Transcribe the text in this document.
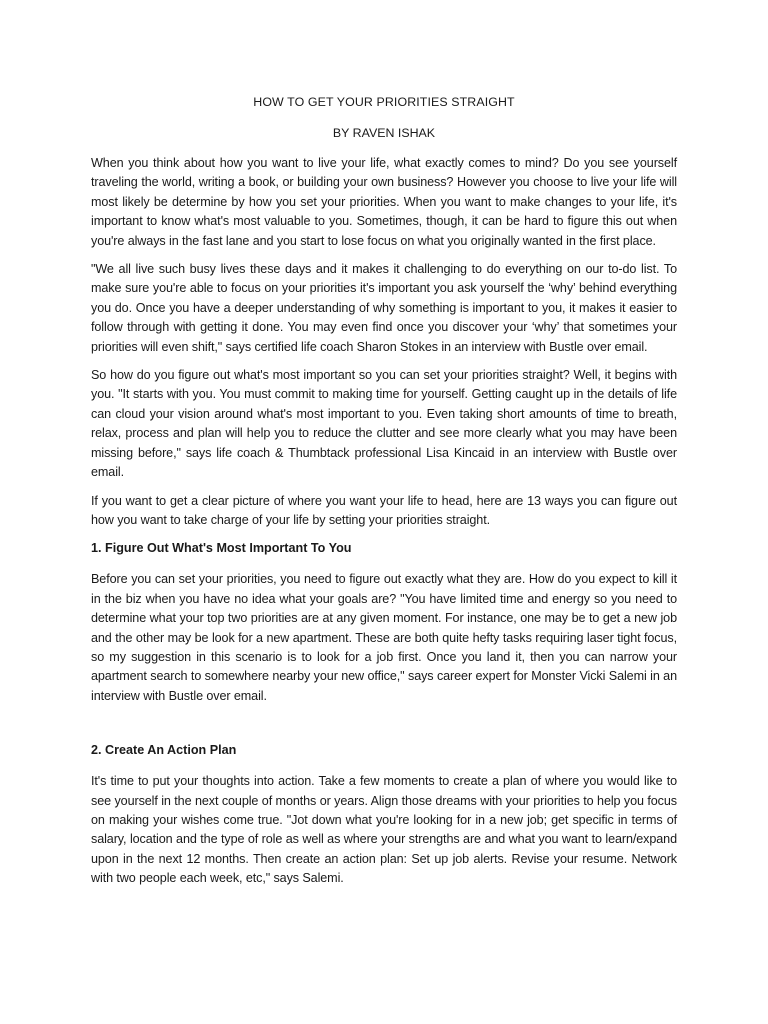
HOW TO GET YOUR PRIORITIES STRAIGHT
BY RAVEN ISHAK

When you think about how you want to live your life, what exactly comes to mind? Do you see yourself traveling the world, writing a book, or building your own business? However you choose to live your life will most likely be determine by how you set your priorities. When you want to make changes to your life, it's important to know what's most valuable to you. Sometimes, though, it can be hard to figure this out when you're always in the fast lane and you start to lose focus on what you originally wanted in the first place.

"We all live such busy lives these days and it makes it challenging to do everything on our to-do list. To make sure you're able to focus on your priorities it's important you ask yourself the ‘why’ behind everything you do. Once you have a deeper understanding of why something is important to you, it makes it easier to follow through with getting it done. You may even find once you discover your ‘why’ that sometimes your priorities will even shift," says certified life coach Sharon Stokes in an interview with Bustle over email.

So how do you figure out what's most important so you can set your priorities straight? Well, it begins with you. "It starts with you. You must commit to making time for yourself. Getting caught up in the details of life can cloud your vision around what's most important to you. Even taking short amounts of time to breath, relax, process and plan will help you to reduce the clutter and see more clearly what you may have been missing before," says life coach & Thumbtack professional Lisa Kincaid in an interview with Bustle over email.

If you want to get a clear picture of where you want your life to head, here are 13 ways you can figure out how you want to take charge of your life by setting your priorities straight.

1. Figure Out What's Most Important To You

Before you can set your priorities, you need to figure out exactly what they are. How do you expect to kill it in the biz when you have no idea what your goals are? "You have limited time and energy so you need to determine what your top two priorities are at any given moment. For instance, one may be to get a new job and the other may be look for a new apartment. These are both quite hefty tasks requiring laser tight focus, so my suggestion in this scenario is to look for a job first. Once you land it, then you can narrow your apartment search to somewhere nearby your new office," says career expert for Monster Vicki Salemi in an interview with Bustle over email.

2. Create An Action Plan

It's time to put your thoughts into action. Take a few moments to create a plan of where you would like to see yourself in the next couple of months or years. Align those dreams with your priorities to help you focus on making your wishes come true. "Jot down what you're looking for in a new job; get specific in terms of salary, location and the type of role as well as where your strengths are and what you want to learn/expand upon in the next 12 months. Then create an action plan: Set up job alerts. Revise your resume. Network with two people each week, etc," says Salemi.
